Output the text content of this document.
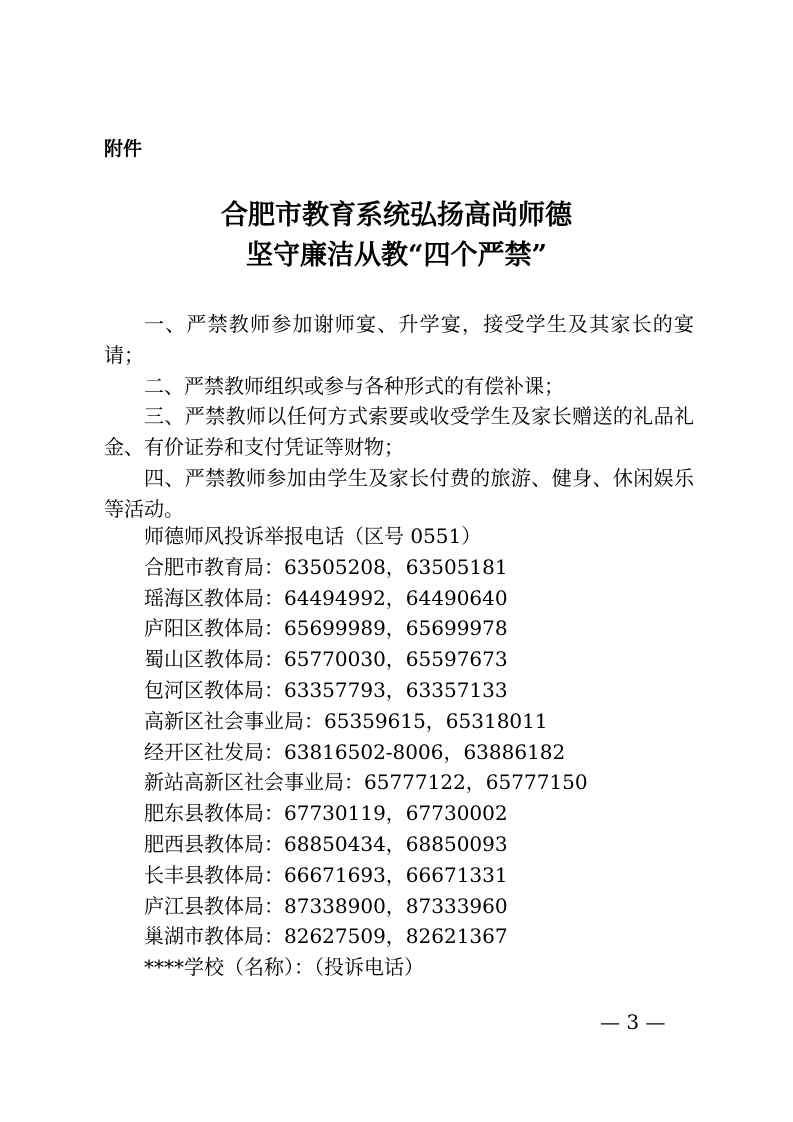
附件

合肥市教育系统弘扬高尚师德
坚守廉洁从教“四个严禁”

一、严禁教师参加谢师宴、升学宴，接受学生及其家长的宴请；

二、严禁教师组织或参与各种形式的有偿补课；

三、严禁教师以任何方式索要或收受学生及家长赠送的礼品礼金、有价证券和支付凭证等财物；

四、严禁教师参加由学生及家长付费的旅游、健身、休闲娱乐等活动。

师德师风投诉举报电话（区号 0551）
合肥市教育局：63505208，63505181
瑶海区教体局：64494992，64490640
庐阳区教体局：65699989，65699978
蜀山区教体局：65770030，65597673
包河区教体局：63357793，63357133
高新区社会事业局：65359615，65318011
经开区社发局：63816502-8006，63886182
新站高新区社会事业局：65777122，65777150
肥东县教体局：67730119，67730002
肥西县教体局：68850434，68850093
长丰县教体局：66671693，66671331
庐江县教体局：87338900，87333960
巢湖市教体局：82627509，82621367

****学校（名称）：（投诉电话）

— 3 —
